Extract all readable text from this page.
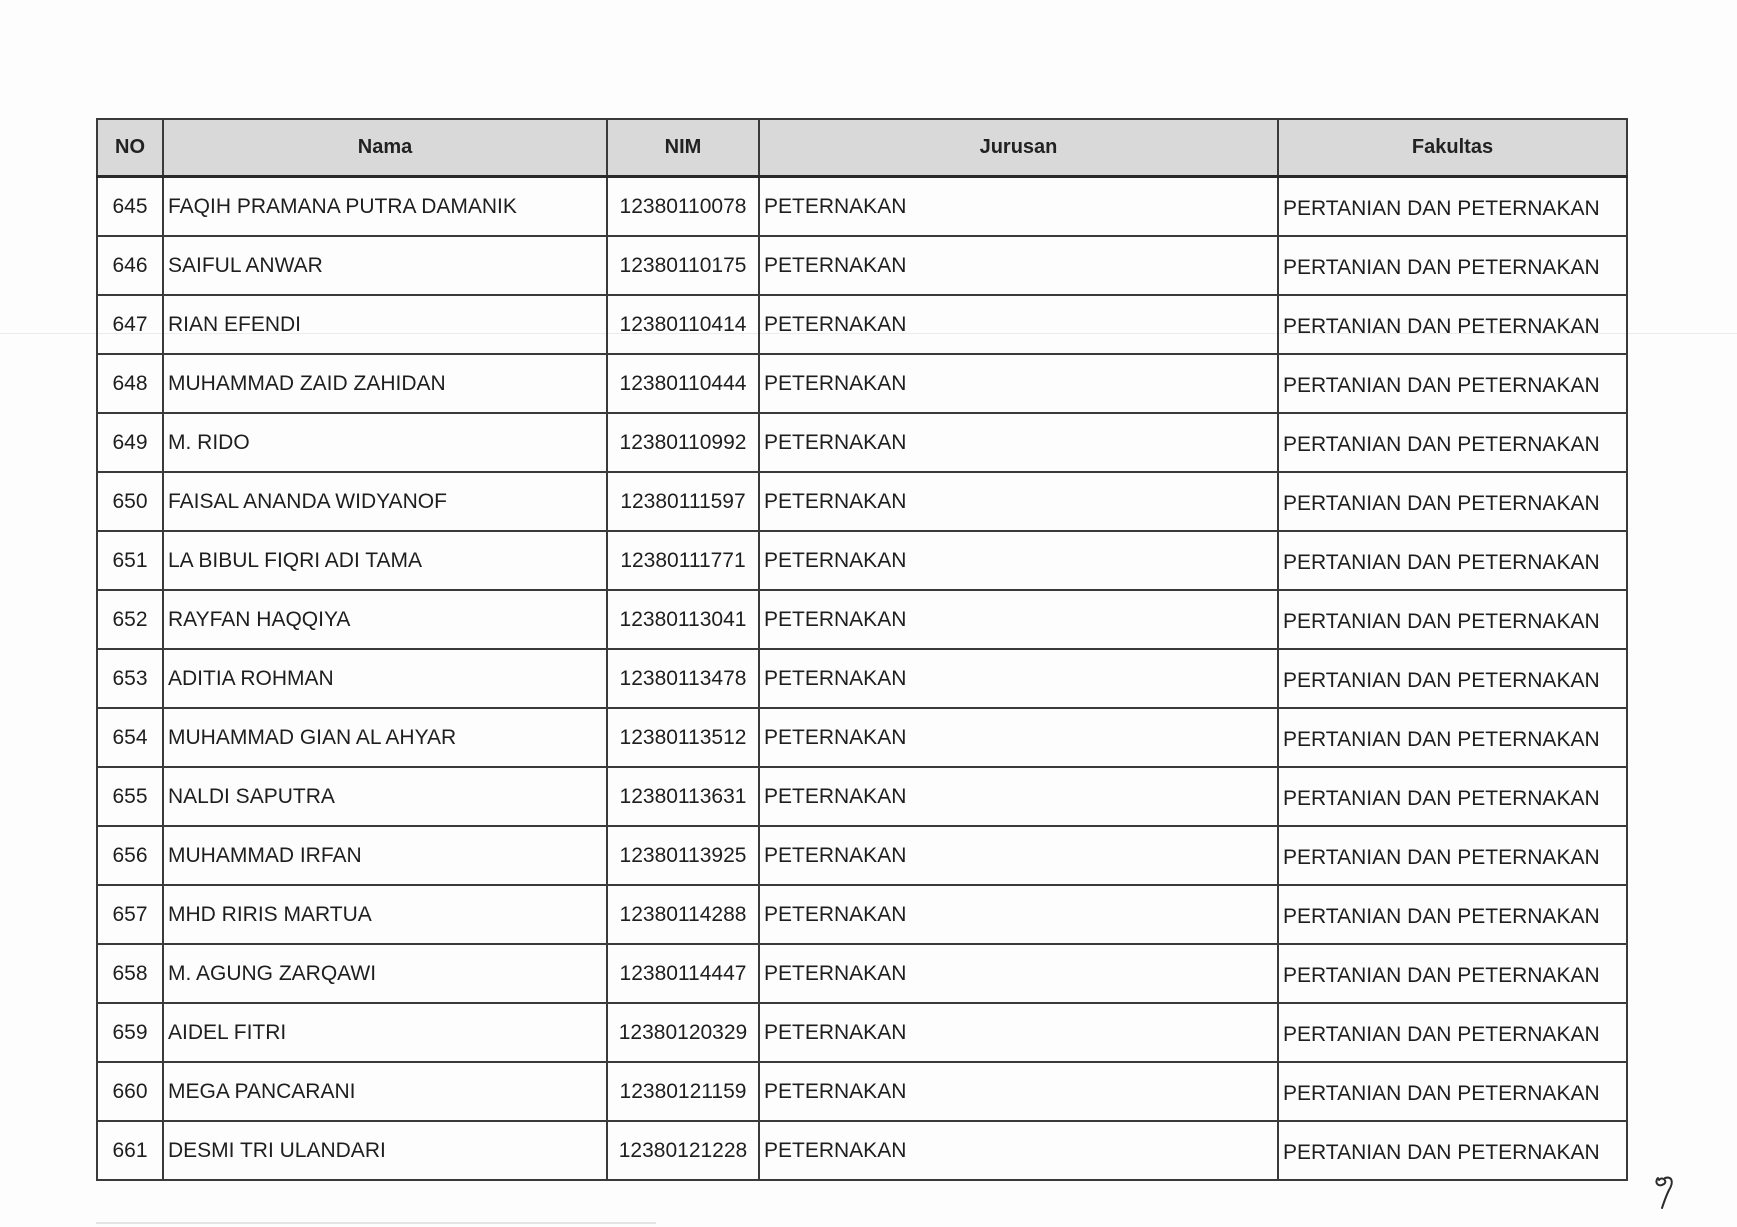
NO	Nama	NIM	Jurusan	Fakultas
645	FAQIH PRAMANA PUTRA DAMANIK	12380110078	PETERNAKAN	PERTANIAN DAN PETERNAKAN
646	SAIFUL ANWAR	12380110175	PETERNAKAN	PERTANIAN DAN PETERNAKAN
647	RIAN EFENDI	12380110414	PETERNAKAN	PERTANIAN DAN PETERNAKAN
648	MUHAMMAD ZAID ZAHIDAN	12380110444	PETERNAKAN	PERTANIAN DAN PETERNAKAN
649	M. RIDO	12380110992	PETERNAKAN	PERTANIAN DAN PETERNAKAN
650	FAISAL ANANDA WIDYANOF	12380111597	PETERNAKAN	PERTANIAN DAN PETERNAKAN
651	LA BIBUL FIQRI ADI TAMA	12380111771	PETERNAKAN	PERTANIAN DAN PETERNAKAN
652	RAYFAN HAQQIYA	12380113041	PETERNAKAN	PERTANIAN DAN PETERNAKAN
653	ADITIA ROHMAN	12380113478	PETERNAKAN	PERTANIAN DAN PETERNAKAN
654	MUHAMMAD GIAN AL AHYAR	12380113512	PETERNAKAN	PERTANIAN DAN PETERNAKAN
655	NALDI SAPUTRA	12380113631	PETERNAKAN	PERTANIAN DAN PETERNAKAN
656	MUHAMMAD IRFAN	12380113925	PETERNAKAN	PERTANIAN DAN PETERNAKAN
657	MHD RIRIS MARTUA	12380114288	PETERNAKAN	PERTANIAN DAN PETERNAKAN
658	M. AGUNG ZARQAWI	12380114447	PETERNAKAN	PERTANIAN DAN PETERNAKAN
659	AIDEL FITRI	12380120329	PETERNAKAN	PERTANIAN DAN PETERNAKAN
660	MEGA PANCARANI	12380121159	PETERNAKAN	PERTANIAN DAN PETERNAKAN
661	DESMI TRI ULANDARI	12380121228	PETERNAKAN	PERTANIAN DAN PETERNAKAN
